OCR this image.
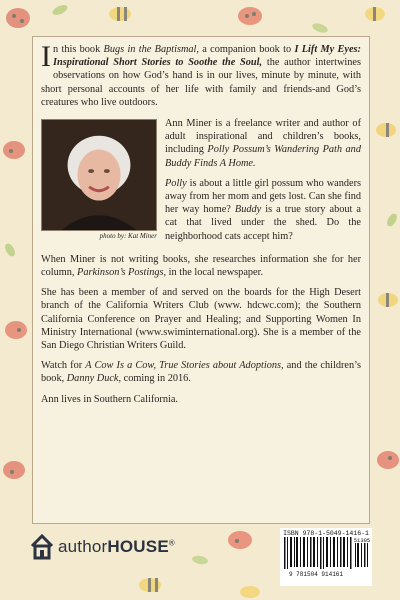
In this book Bugs in the Baptismal, a companion book to I Lift My Eyes: Inspirational Short Stories to Soothe the Soul, the author intertwines observations on how God’s hand is in our lives, minute by minute, with short personal accounts of her life with family and friends-and God’s creatures who live outdoors.
photo by: Kat Miner

Ann Miner is a freelance writer and author of adult inspirational and children’s books, including Polly Possum’s Wandering Path and Buddy Finds A Home.

Polly is about a little girl possum who wanders away from her mom and gets lost. Can she find her way home? Buddy is a true story about a cat that lived under the shed. Do the neighborhood cats accept him?

When Miner is not writing books, she researches information she for her column, Parkinson’s Postings, in the local newspaper.

She has been a member of and served on the boards for the High Desert branch of the California Writers Club (www. hdcwc.com); the Southern California Conference on Prayer and Healing; and Supporting Women In Ministry International (www.swiminternational.org). She is a member of the San Diego Christian Writers Guild.

Watch for A Cow Is a Cow, True Stories about Adoptions, and the children’s book, Danny Duck, coming in 2016.

Ann lives in Southern California.

authorHOUSE®
ISBN 978-1-5049-1416-1
9 781504 914161
51395
